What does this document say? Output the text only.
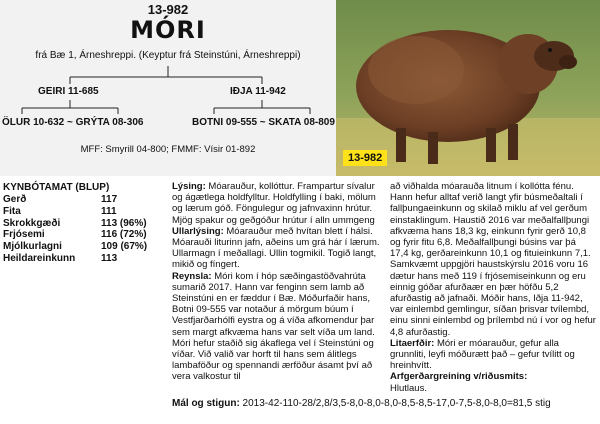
13-982
MÓRI
frá Bæ 1, Árneshreppi. (Keyptur frá Steinstúni, Árneshreppi)
GEIRI 11-685	IÐJA 11-942
ÖLUR 10-632 ~ GRÝTA 08-306	BOTNI 09-555 ~ SKATA 08-809
MFF: Smyrill 04-800; FMMF: Vísir 01-892
13-982
KYNBÓTAMAT (BLUP)
Gerð	117
Fita	111
Skrokkgæði	113 (96%)
Frjósemi	116 (72%)
Mjólkurlagni	109 (67%)
Heildareinkunn	113

Lýsing: Móarauður, kollóttur. Frampartur sívalur og ágætlega holdfylltur. Holdfylling í baki, mölum og lærum góð. Föngulegur og jafnvaxinn hrútur. Mjög spakur og geðgóður hrútur í alln ummgeng

Ullarlýsing: Móarauður með hvítan blett í hálsi. Móarauði liturinn jafn, aðeins um grá hár í lærum. Ullarmagn í meðallagi. Ullin togmikil. Togið langt, mikið og fíngert.

Reynsla: Móri kom í hóp sæðingastöðvahrúta sumarið 2017. Hann var fenginn sem lamb að Steinstúni en er fæddur í Bæ. Móðurfaðir hans, Botni 09-555 var notaður á mörgum búum í Vestfjarðarhólfi eystra og á víða afkomendur þar sem margt afkvæma hans var selt víða um land. Móri hefur staðið sig ákaflega vel í Steinstúni og víðar. Við valið var horft til hans sem álitlegs lambaföður og spennandi ærföður ásamt því að vera valkostur til

að viðhalda móarauða litnum í kollótta fénu. Hann hefur alltaf verið langt yfir búsmeðaltali í fallþungaeinkunn og skilað miklu af vel gerðum einstaklingum. Haustið 2016 var meðalfallþungi afkvæma hans 18,3 kg, einkunn fyrir gerð 10,8 og fyrir fitu 6,8. Meðalfallþungi búsins var þá 17,4 kg, gerðareinkunn 10,1 og fituieinkunn 7,1. Samkvæmt uppgjöri haustskýrslu 2016 voru 16 dætur hans með 119 í frjósemiseinkunn og eru einnig góðar afurðaær en þær höfðu 5,2 afurðastig að jafnaði. Móðir hans, Iðja 11-942, var einlembd gemlingur, síðan þrisvar tvílembd, einu sinni einlembd og þrílembd nú í vor og hefur 4,8 afurðastig.

Litaerfðir: Móri er móarauður, gefur alla grunnliti, leyfi móðurætt það – gefur tvílitt og hreinhvítt.

Arfgerðargreining v/riðusmits:

Hlutlaus.

Mál og stigun: 2013-42-110-28/2,8/3,5-8,0-8,0-8,0-8,5-8,5-17,0-7,5-8,0-8,0=81,5 stig
